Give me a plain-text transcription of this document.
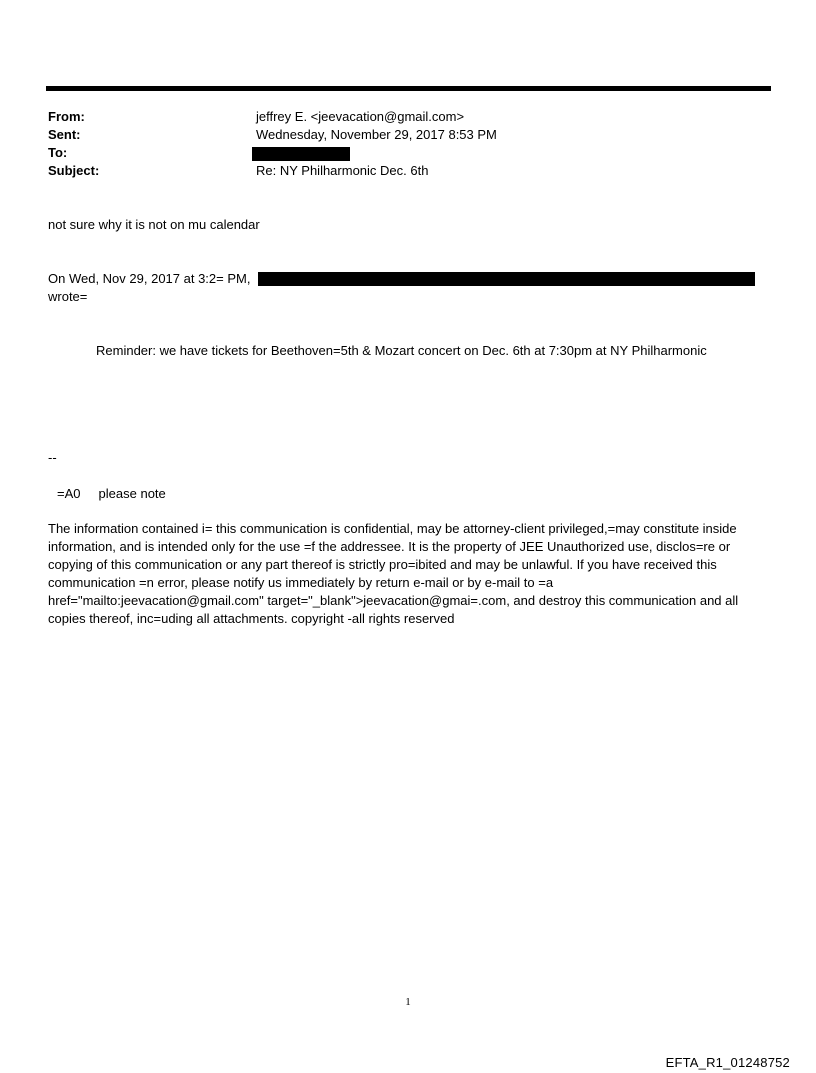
From:	jeffrey E. <jeevacation@gmail.com>
Sent:	Wednesday, November 29, 2017 8:53 PM
To:
Subject:	Re: NY Philharmonic Dec. 6th
not sure why it is not on mu calendar
On Wed, Nov 29, 2017 at 3:2= PM,
wrote=
Reminder: we have tickets for Beethoven=5th & Mozart concert on Dec. 6th at 7:30pm at NY Philharmonic
--
=A0     please note
The information contained i= this communication is confidential, may be attorney-client privileged,=may constitute inside information, and is intended only for the use =f the addressee. It is the property of JEE Unauthorized use, disclos=re or copying of this communication or any part thereof is strictly pro=ibited and may be unlawful. If you have received this communication =n error, please notify us immediately by return e-mail or by e-mail to =a href="mailto:jeevacation@gmail.com" target="_blank">jeevacation@gmai=.com, and destroy this communication and all copies thereof, inc=uding all attachments. copyright -all rights reserved
1
EFTA_R1_01248752
